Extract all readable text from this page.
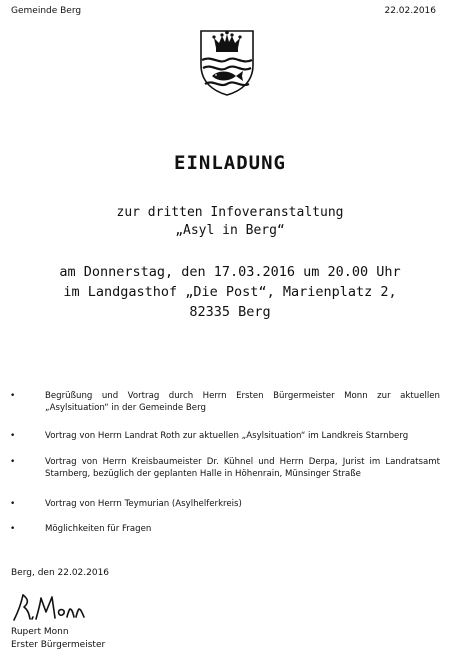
Gemeinde Berg	22.02.2016
EINLADUNG
zur dritten Infoveranstaltung
„Asyl in Berg“
am Donnerstag, den 17.03.2016 um 20.00 Uhr
im Landgasthof „Die Post“, Marienplatz 2,
82335 Berg
•	Begrüßung und Vortrag durch Herrn Ersten Bürgermeister Monn zur aktuellen „Asylsituation“ in der Gemeinde Berg
•	Vortrag von Herrn Landrat Roth zur aktuellen „Asylsituation“ im Landkreis Starnberg
•	Vortrag von Herrn Kreisbaumeister Dr. Kühnel und Herrn Derpa, Jurist im Landratsamt Starnberg, bezüglich der geplanten Halle in Höhenrain, Münsinger Straße
•	Vortrag von Herrn Teymurian (Asylhelferkreis)
•	Möglichkeiten für Fragen
Berg, den 22.02.2016
Rupert Monn
Erster Bürgermeister
